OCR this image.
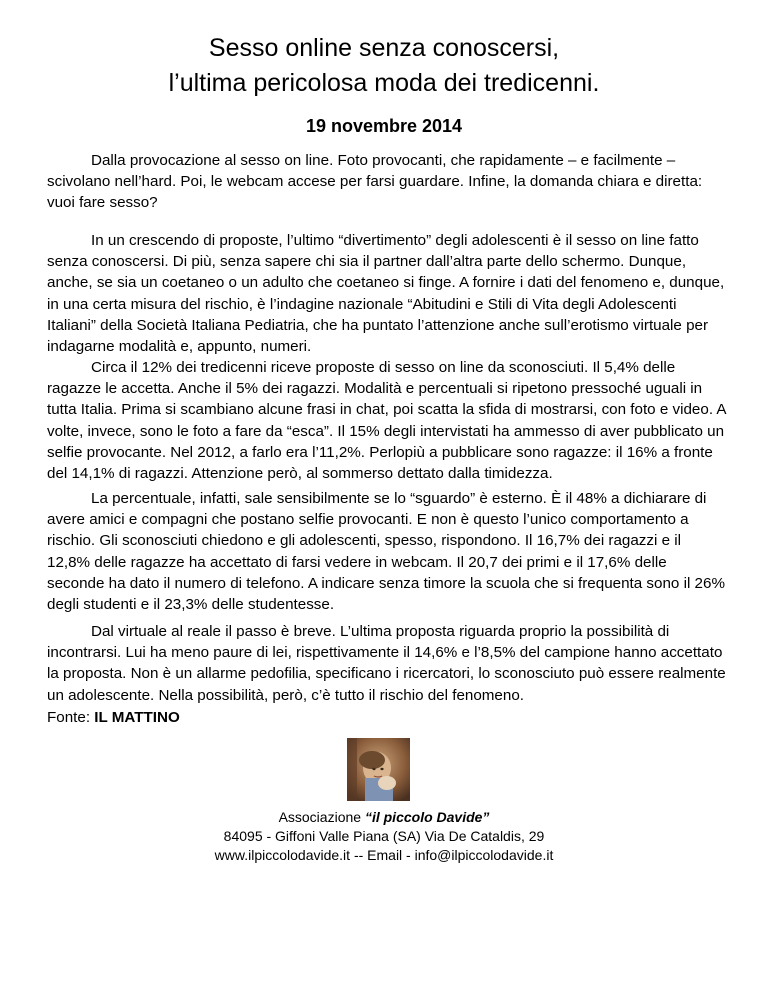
Sesso online senza conoscersi,
l’ultima pericolosa moda dei tredicenni.
19 novembre 2014

Dalla provocazione al sesso on line. Foto provocanti, che rapidamente – e facilmente – scivolano nell’hard. Poi, le webcam accese per farsi guardare. Infine, la domanda chiara e diretta: vuoi fare sesso?

In un crescendo di proposte, l’ultimo “divertimento” degli adolescenti è il sesso on line fatto senza conoscersi. Di più, senza sapere chi sia il partner dall’altra parte dello schermo. Dunque, anche, se sia un coetaneo o un adulto che coetaneo si finge. A fornire i dati del fenomeno e, dunque, in una certa misura del rischio, è l’indagine nazionale “Abitudini e Stili di Vita degli Adolescenti Italiani” della Società Italiana Pediatria, che ha puntato l’attenzione anche sull’erotismo virtuale per indagarne modalità e, appunto, numeri.

Circa il 12% dei tredicenni riceve proposte di sesso on line da sconosciuti. Il 5,4% delle ragazze le accetta. Anche il 5% dei ragazzi. Modalità e percentuali si ripetono pressoché uguali in tutta Italia. Prima si scambiano alcune frasi in chat, poi scatta la sfida di mostrarsi, con foto e video. A volte, invece, sono le foto a fare da “esca”. Il 15% degli intervistati ha ammesso di aver pubblicato un selfie provocante. Nel 2012, a farlo era l’11,2%. Perlopiù a pubblicare sono ragazze: il 16% a fronte del 14,1% di ragazzi. Attenzione però, al sommerso dettato dalla timidezza.

La percentuale, infatti, sale sensibilmente se lo “sguardo” è esterno. È il 48% a dichiarare di avere amici e compagni che postano selfie provocanti. E non è questo l’unico comportamento a rischio. Gli sconosciuti chiedono e gli adolescenti, spesso, rispondono. Il 16,7% dei ragazzi e il 12,8% delle ragazze ha accettato di farsi vedere in webcam. Il 20,7 dei primi e il 17,6% delle seconde ha dato il numero di telefono. A indicare senza timore la scuola che si frequenta sono il 26% degli studenti e il 23,3% delle studentesse.

Dal virtuale al reale il passo è breve. L’ultima proposta riguarda proprio la possibilità di incontrarsi. Lui ha meno paure di lei, rispettivamente il 14,6% e l’8,5% del campione hanno accettato la proposta. Non è un allarme pedofilia, specificano i ricercatori, lo sconosciuto può essere realmente un adolescente. Nella possibilità, però, c’è tutto il rischio del fenomeno.

Fonte: IL MATTINO
Associazione “il piccolo Davide”
84095 - Giffoni Valle Piana (SA) Via De Cataldis, 29
www.ilpiccolodavide.it -- Email - info@ilpiccolodavide.it
